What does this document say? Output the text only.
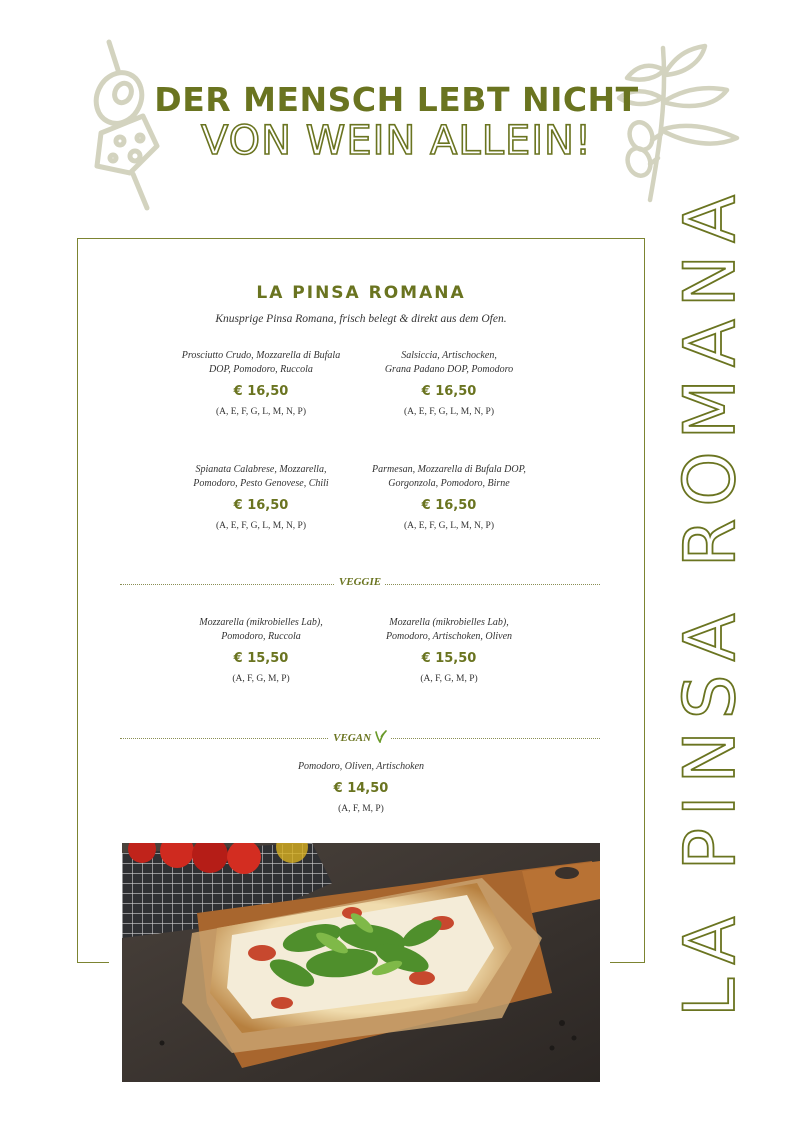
DER MENSCH LEBT NICHT
VON WEIN ALLEIN!
LA PINSA ROMANA
LA PINSA ROMANA
Knusprige Pinsa Romana, frisch belegt & direkt aus dem Ofen.
Prosciutto Crudo, Mozzarella di Bufala
DOP, Pomodoro, Ruccola
€ 16,50
(A, E, F, G, L, M, N, P)
Salsiccia, Artischocken,
Grana Padano DOP, Pomodoro
€ 16,50
(A, E, F, G, L, M, N, P)
Spianata Calabrese, Mozzarella,
Pomodoro, Pesto Genovese, Chili
€ 16,50
(A, E, F, G, L, M, N, P)
Parmesan, Mozzarella di Bufala DOP,
Gorgonzola, Pomodoro, Birne
€ 16,50
(A, E, F, G, L, M, N, P)
VEGGIE
Mozzarella (mikrobielles Lab),
Pomodoro, Ruccola
€ 15,50
(A, F, G, M, P)
Mozarella (mikrobielles Lab),
Pomodoro, Artischoken, Oliven
€ 15,50
(A, F, G, M, P)
VEGAN
Pomodoro, Oliven, Artischoken
€ 14,50
(A, F, M, P)
